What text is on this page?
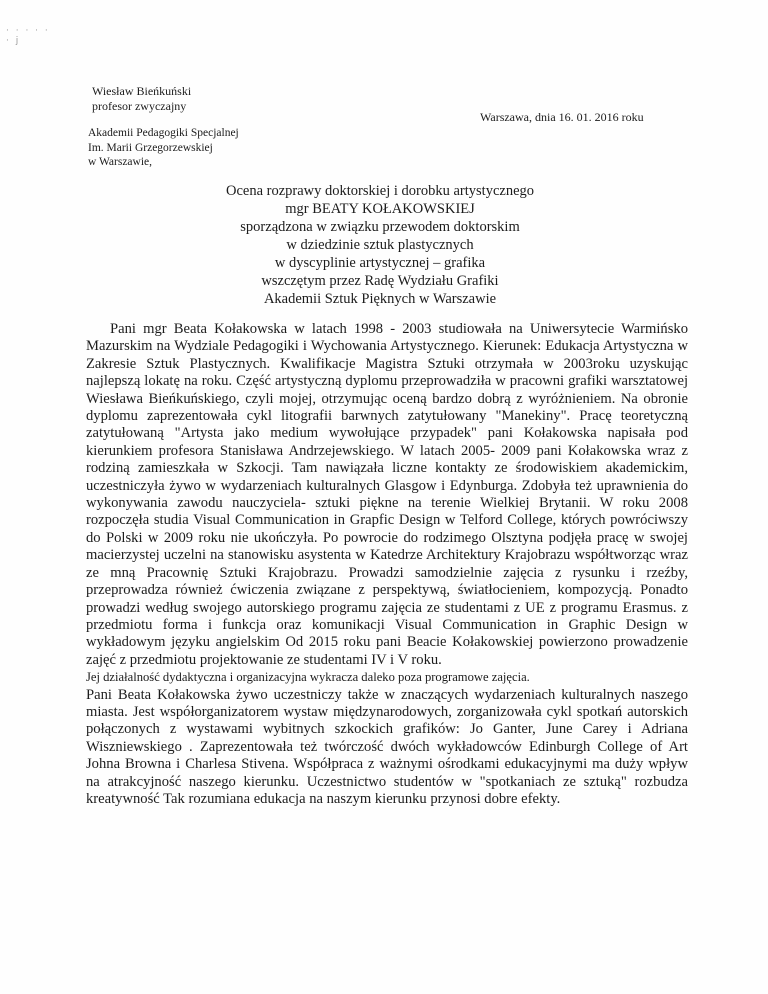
· · · · · · j
Wiesław Bieńkuński
profesor zwyczajny
Warszawa, dnia 16. 01. 2016 roku
Akademii Pedagogiki Specjalnej
Im. Marii Grzegorzewskiej
w Warszawie,
Ocena rozprawy doktorskiej i dorobku artystycznego
mgr BEATY KOŁAKOWSKIEJ
sporządzona w związku przewodem doktorskim
w dziedzinie sztuk plastycznych
w dyscyplinie artystycznej – grafika
wszczętym przez Radę Wydziału Grafiki
Akademii Sztuk Pięknych w Warszawie

Pani mgr Beata Kołakowska w latach 1998 - 2003 studiowała na Uniwersytecie Warmińsko Mazurskim na Wydziale Pedagogiki i Wychowania Artystycznego. Kierunek: Edukacja Artystyczna w Zakresie Sztuk Plastycznych. Kwalifikacje Magistra Sztuki otrzymała w 2003roku uzyskując najlepszą lokatę na roku. Część artystyczną dyplomu przeprowadziła w pracowni grafiki warsztatowej Wiesława Bieńkuńskiego, czyli mojej, otrzymując oceną bardzo dobrą z wyróżnieniem. Na obronie dyplomu zaprezentowała cykl litografii barwnych zatytułowany "Manekiny". Pracę teoretyczną zatytułowaną "Artysta jako medium wywołujące przypadek" pani Kołakowska napisała pod kierunkiem profesora Stanisława Andrzejewskiego. W latach 2005- 2009 pani Kołakowska wraz z rodziną zamieszkała w Szkocji. Tam nawiązała liczne kontakty ze środowiskiem akademickim, uczestniczyła żywo w wydarzeniach kulturalnych Glasgow i Edynburga. Zdobyła też uprawnienia do wykonywania zawodu nauczyciela- sztuki piękne na terenie Wielkiej Brytanii. W roku 2008 rozpoczęła studia Visual Communication in Grapfic Design w Telford College, których powróciwszy do Polski w 2009 roku nie ukończyła. Po powrocie do rodzimego Olsztyna podjęła pracę w swojej macierzystej uczelni na stanowisku asystenta w Katedrze Architektury Krajobrazu współtworząc wraz ze mną Pracownię Sztuki Krajobrazu. Prowadzi samodzielnie zajęcia z rysunku i rzeźby, przeprowadza również ćwiczenia związane z perspektywą, światłocieniem, kompozycją. Ponadto prowadzi według swojego autorskiego programu zajęcia ze studentami z UE z programu Erasmus. z przedmiotu forma i funkcja oraz komunikacji Visual Communication in Graphic Design w wykładowym języku angielskim Od 2015 roku pani Beacie Kołakowskiej powierzono prowadzenie zajęć z przedmiotu projektowanie ze studentami IV i V roku.

Jej działalność dydaktyczna i organizacyjna wykracza daleko poza programowe zajęcia.

Pani Beata Kołakowska żywo uczestniczy także w znaczących wydarzeniach kulturalnych naszego miasta. Jest współorganizatorem wystaw międzynarodowych, zorganizowała cykl spotkań autorskich połączonych z wystawami wybitnych szkockich grafików: Jo Ganter, June Carey i Adriana Wiszniewskiego . Zaprezentowała też twórczość dwóch wykładowców Edinburgh College of Art Johna Browna i Charlesa Stivena. Współpraca z ważnymi ośrodkami edukacyjnymi ma duży wpływ na atrakcyjność naszego kierunku. Uczestnictwo studentów w "spotkaniach ze sztuką" rozbudza kreatywność Tak rozumiana edukacja na naszym kierunku przynosi dobre efekty.
